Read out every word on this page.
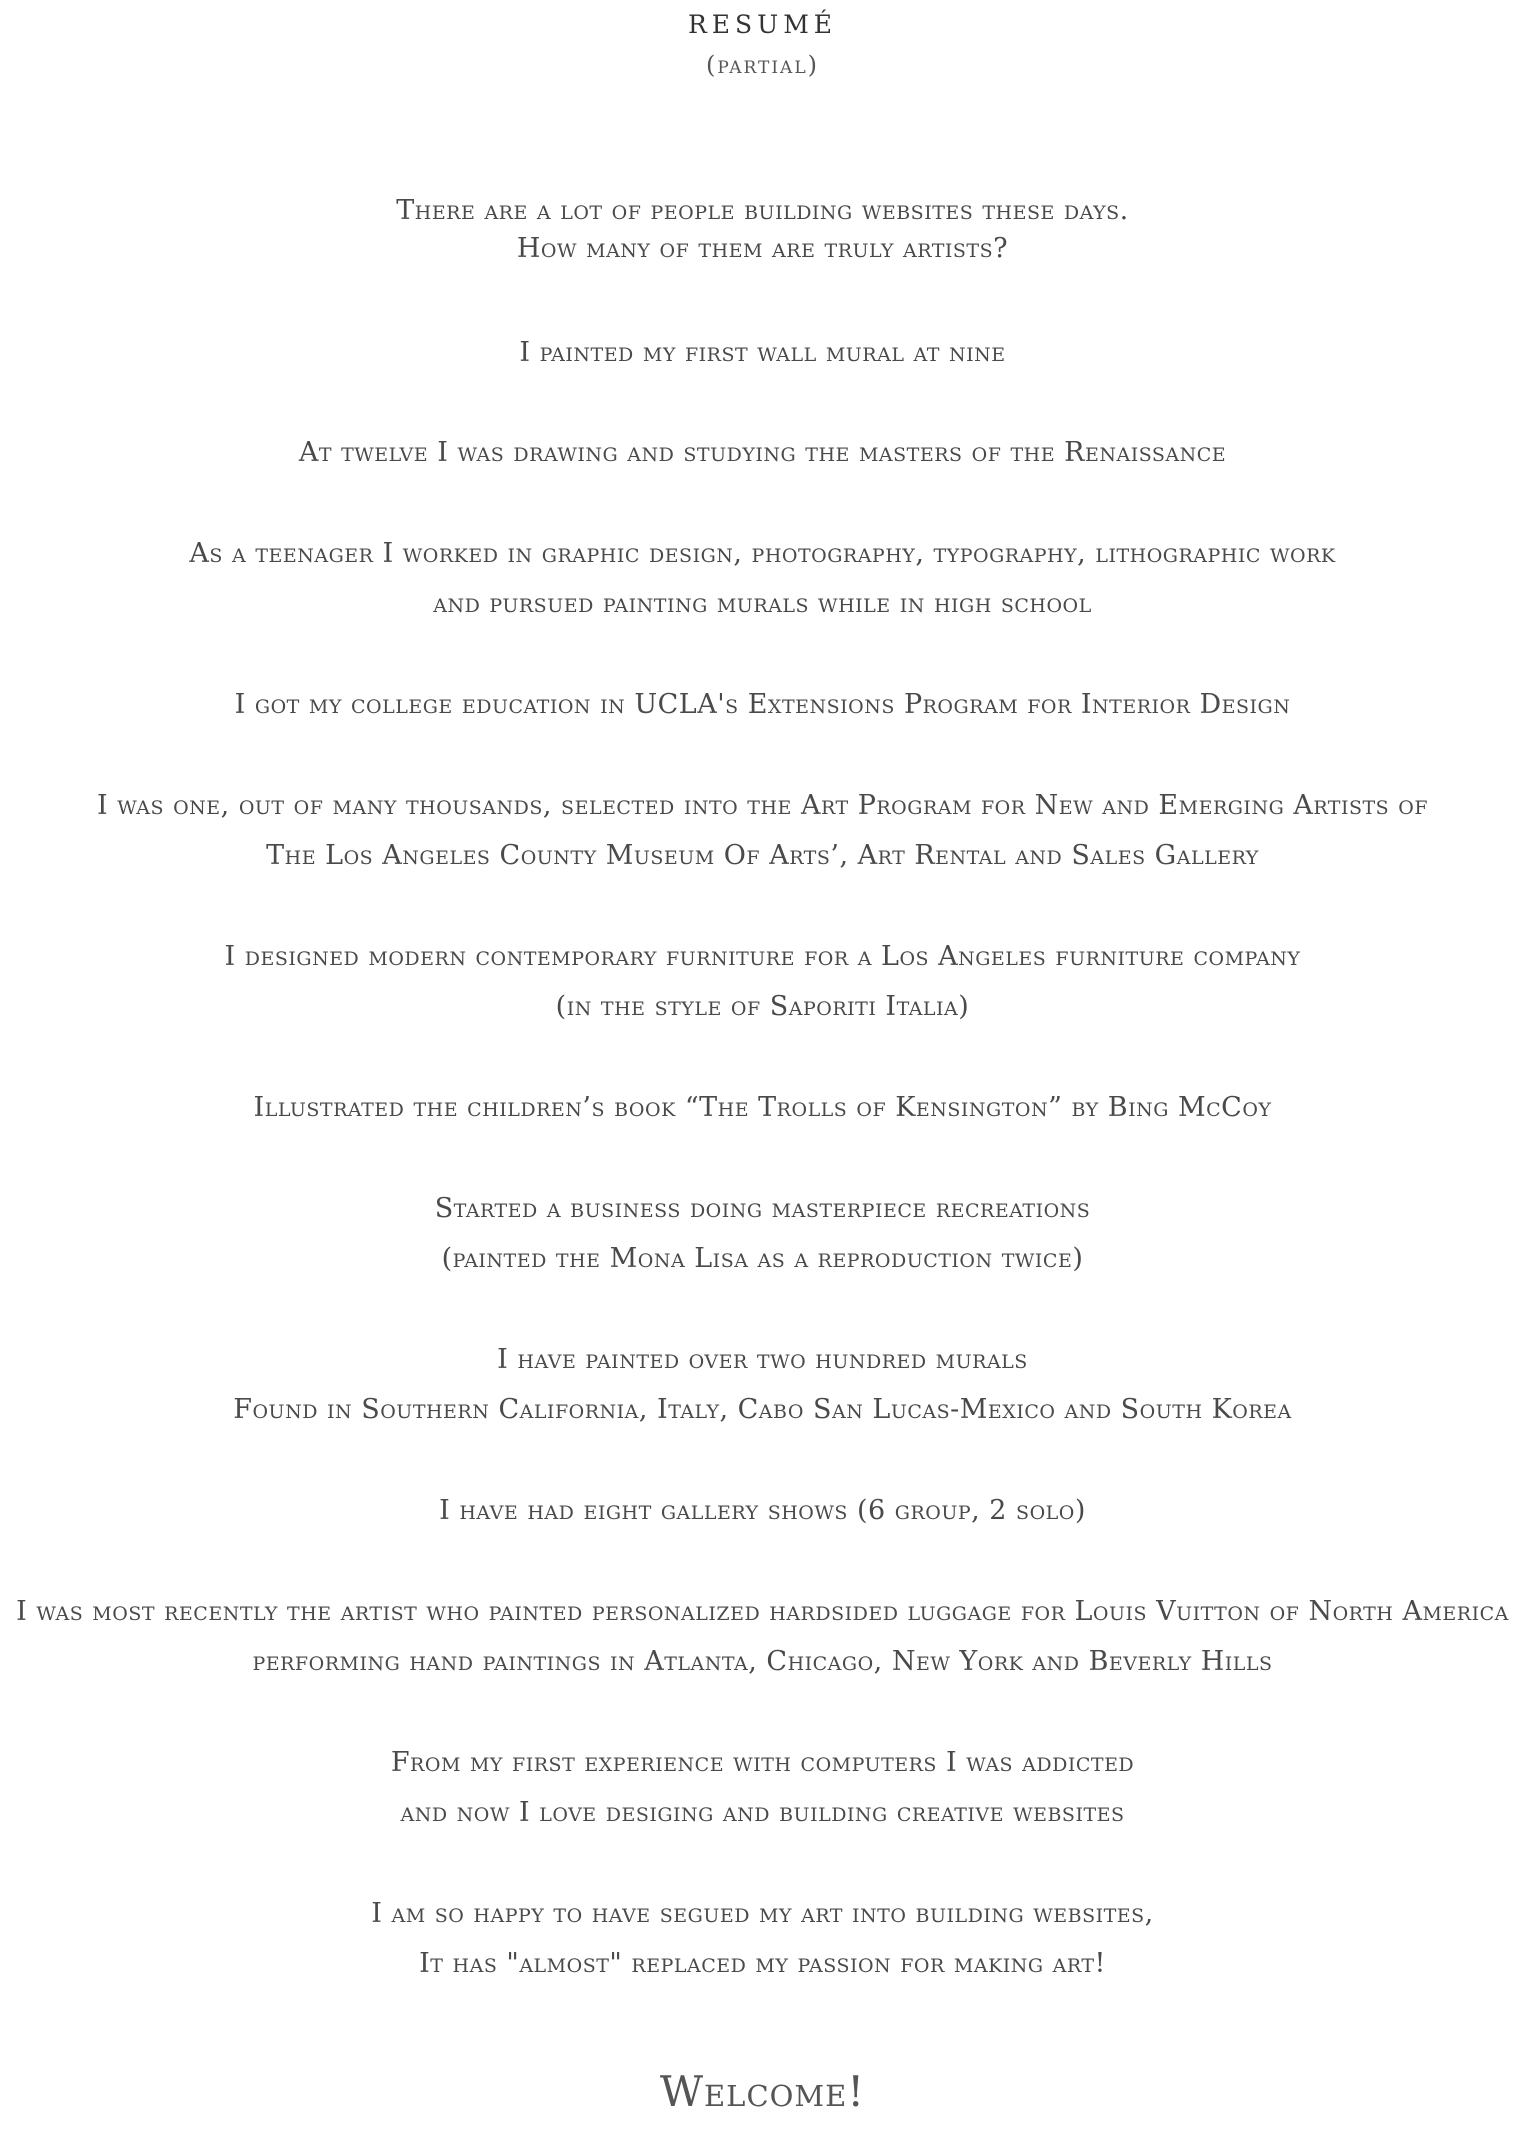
resumé
(partial)
There are a lot of people building websites these days.
How many of them are truly artists?
I painted my first wall mural at nine
At twelve I was drawing and studying the masters of the Renaissance
As a teenager I worked in graphic design, photography, typography, lithographic work
and pursued painting murals while in high school
I got my college education in UCLA's Extensions Program for Interior Design
I was one, out of many thousands, selected into the Art Program for New and Emerging Artists of
The Los Angeles County Museum Of Arts’, Art Rental and Sales Gallery
I designed modern contemporary furniture for a Los Angeles furniture company
(in the style of Saporiti Italia)
Illustrated the children’s book “The Trolls of Kensington” by Bing McCoy
Started a business doing masterpiece recreations
(painted the Mona Lisa as a reproduction twice)
I have painted over two hundred murals
Found in Southern California, Italy, Cabo San Lucas-Mexico and South Korea
I have had eight gallery shows (6 group, 2 solo)
I was most recently the artist who painted personalized hardsided luggage for Louis Vuitton of North America
performing hand paintings in Atlanta, Chicago, New York and Beverly Hills
From my first experience with computers I was addicted
and now I love desiging and building creative websites
I am so happy to have segued my art into building websites,
It has "almost" replaced my passion for making art!
Welcome!
